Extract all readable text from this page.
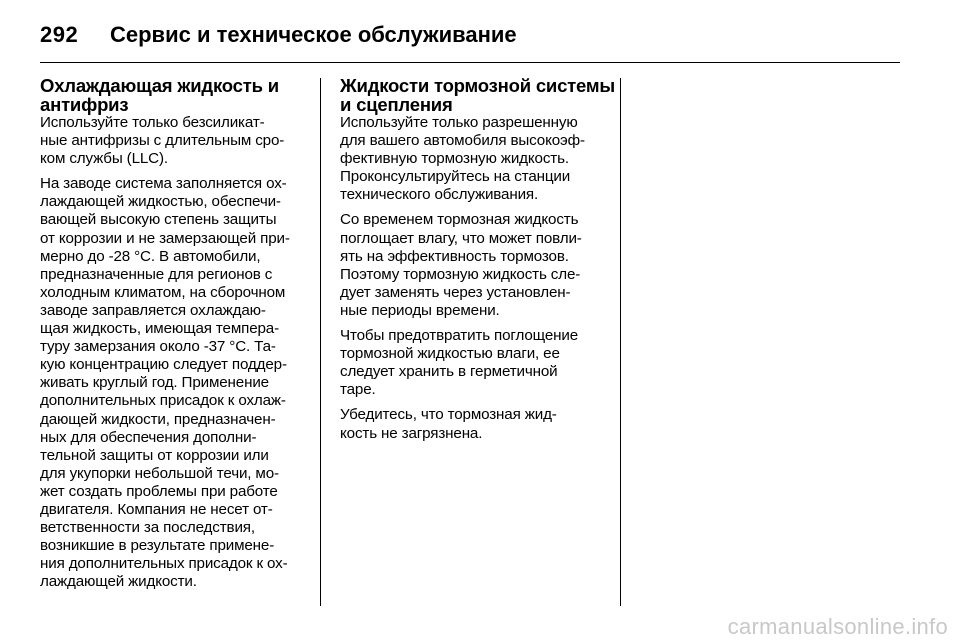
292 Сервис и техническое обслуживание
Охлаждающая жидкость и
антифриз

Используйте только безсиликат-
ные антифризы с длительным сро-
ком службы (LLC).

На заводе система заполняется ох-
лаждающей жидкостью, обеспечи-
вающей высокую степень защиты
от коррозии и не замерзающей при-
мерно до -28 °C. В автомобили,
предназначенные для регионов с
холодным климатом, на сборочном
заводе заправляется охлаждаю-
щая жидкость, имеющая темпера-
туру замерзания около -37 °C. Та-
кую концентрацию следует поддер-
живать круглый год. Применение
дополнительных присадок к охлаж-
дающей жидкости, предназначен-
ных для обеспечения дополни-
тельной защиты от коррозии или
для укупорки небольшой течи, мо-
жет создать проблемы при работе
двигателя. Компания не несет от-
ветственности за последствия,
возникшие в результате примене-
ния дополнительных присадок к ох-
лаждающей жидкости.

Жидкости тормозной системы
и сцепления

Используйте только разрешенную
для вашего автомобиля высокоэф-
фективную тормозную жидкость.
Проконсультируйтесь на станции
технического обслуживания.

Со временем тормозная жидкость
поглощает влагу, что может повли-
ять на эффективность тормозов.
Поэтому тормозную жидкость сле-
дует заменять через установлен-
ные периоды времени.

Чтобы предотвратить поглощение
тормозной жидкостью влаги, ее
следует хранить в герметичной
таре.

Убедитесь, что тормозная жид-
кость не загрязнена.

carmanualsonline.info
